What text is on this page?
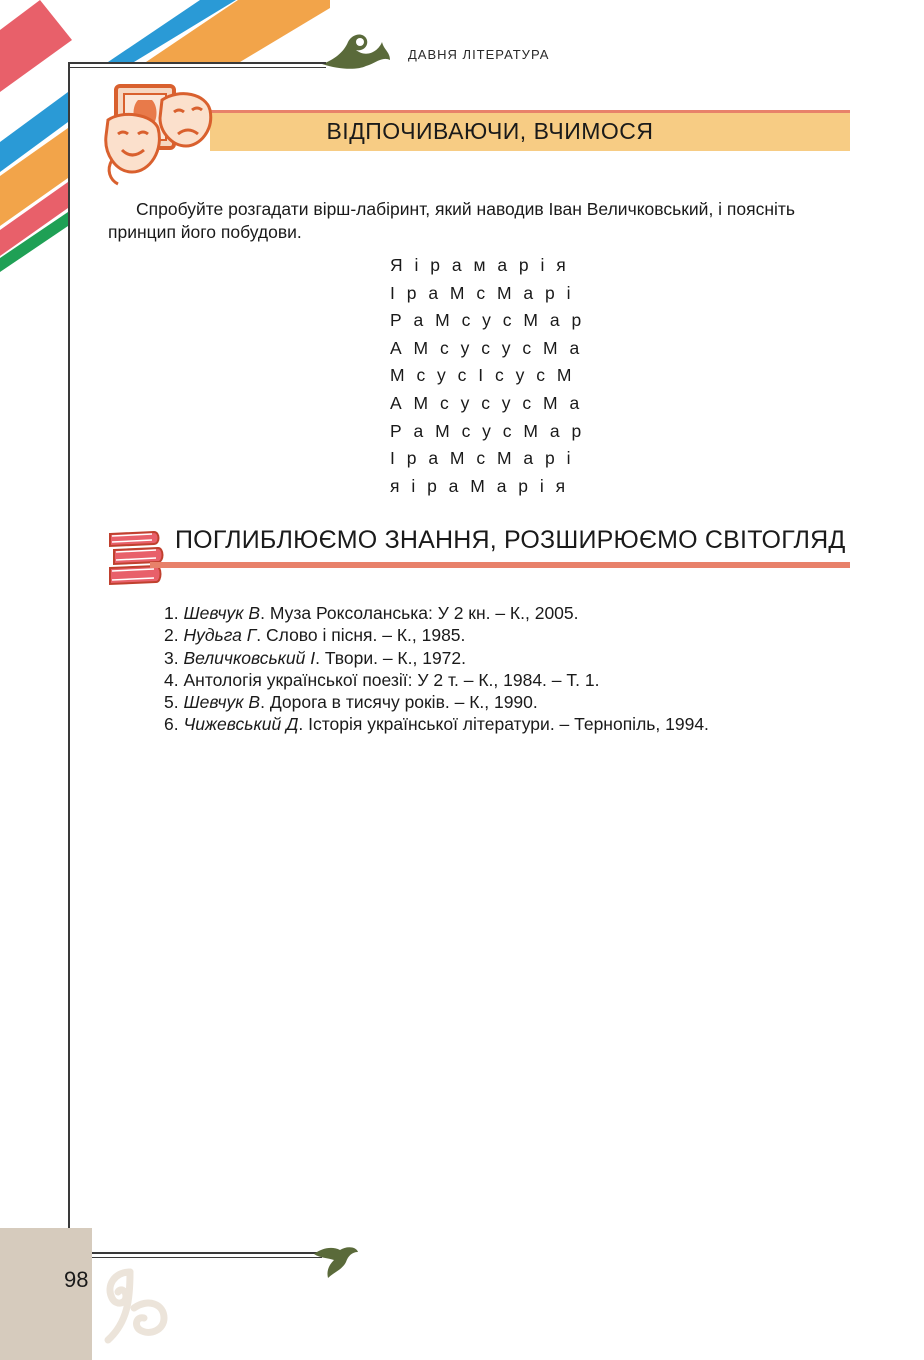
ДАВНЯ ЛІТЕРАТУРА
ВІДПОЧИВАЮЧИ, ВЧИМОСЯ

Спробуйте розгадати вірш-лабіринт, який наводив Іван Величковський, і поясніть принцип його побудови.

Я і р а м а р і я
І р а М с М а р і
Р а М с у с М а р
А М с у с у с М а
М с у с І с у с М
А М с у с у с М а
Р а М с у с М а р
І р а М с М а р і
я і р а М а р і я
ПОГЛИБЛЮЄМО ЗНАННЯ, РОЗШИРЮЄМО СВІТОГЛЯД
1. Шевчук В. Муза Роксоланська: У 2 кн. – К., 2005.
2. Нудьга Г. Слово і пісня. – К., 1985.
3. Величковський І. Твори. – К., 1972.
4. Антологія української поезії: У 2 т. – К., 1984. – Т. 1.
5. Шевчук В. Дорога в тисячу років. – К., 1990.
6. Чижевський Д. Історія української літератури. – Тернопіль, 1994.
98
